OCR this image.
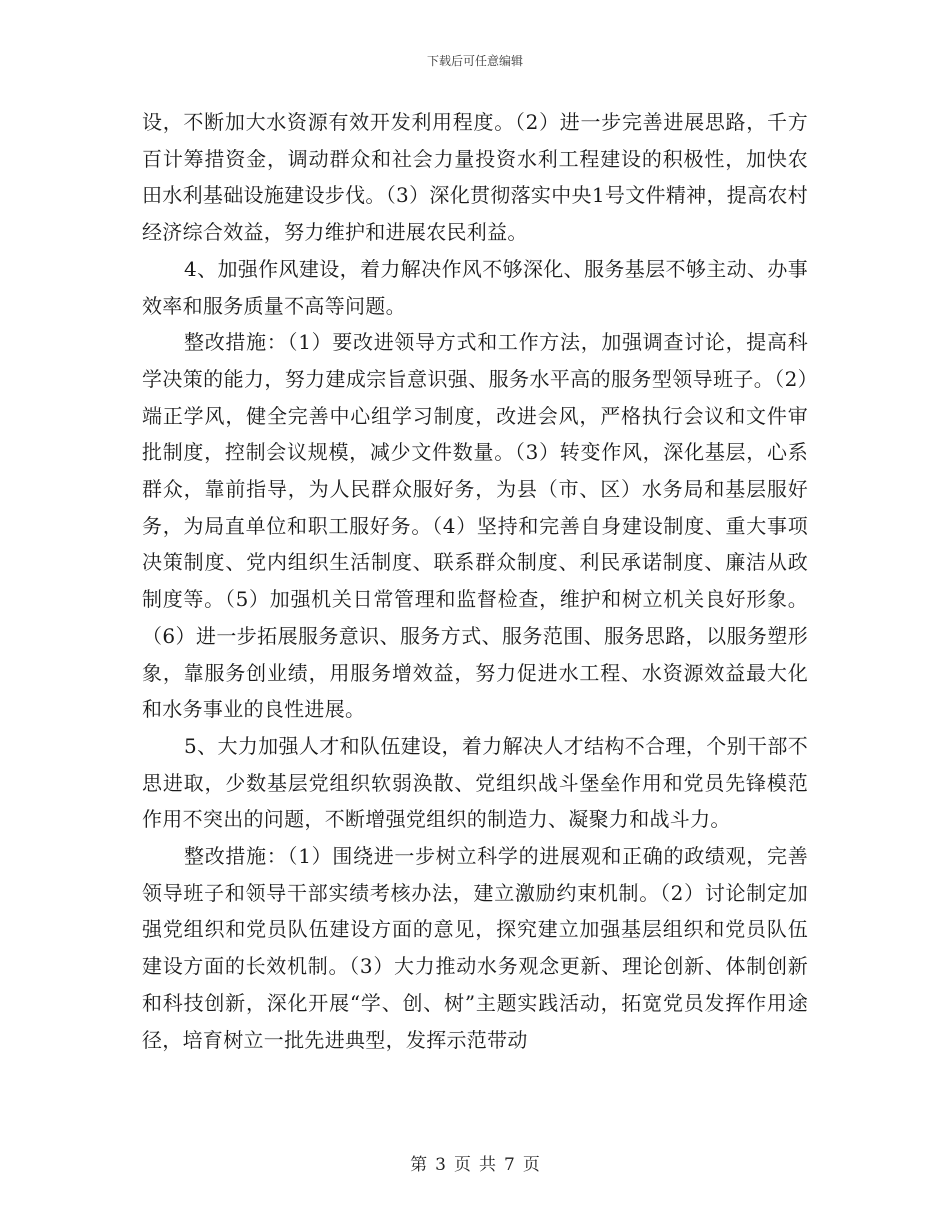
下载后可任意编辑

设，不断加大水资源有效开发利用程度。（2）进一步完善进展思路，千方百计筹措资金，调动群众和社会力量投资水利工程建设的积极性，加快农田水利基础设施建设步伐。（3）深化贯彻落实中央1号文件精神，提高农村经济综合效益，努力维护和进展农民利益。

4、加强作风建设，着力解决作风不够深化、服务基层不够主动、办事效率和服务质量不高等问题。

整改措施：（1）要改进领导方式和工作方法，加强调查讨论，提高科学决策的能力，努力建成宗旨意识强、服务水平高的服务型领导班子。（2）端正学风，健全完善中心组学习制度，改进会风，严格执行会议和文件审批制度，控制会议规模，减少文件数量。（3）转变作风，深化基层，心系群众，靠前指导，为人民群众服好务，为县（市、区）水务局和基层服好务，为局直单位和职工服好务。（4）坚持和完善自身建设制度、重大事项决策制度、党内组织生活制度、联系群众制度、利民承诺制度、廉洁从政制度等。（5）加强机关日常管理和监督检查，维护和树立机关良好形象。（6）进一步拓展服务意识、服务方式、服务范围、服务思路，以服务塑形象，靠服务创业绩，用服务增效益，努力促进水工程、水资源效益最大化和水务事业的良性进展。

5、大力加强人才和队伍建设，着力解决人才结构不合理，个别干部不思进取，少数基层党组织软弱涣散、党组织战斗堡垒作用和党员先锋模范作用不突出的问题，不断增强党组织的制造力、凝聚力和战斗力。

整改措施：（1）围绕进一步树立科学的进展观和正确的政绩观，完善领导班子和领导干部实绩考核办法，建立激励约束机制。（2）讨论制定加强党组织和党员队伍建设方面的意见，探究建立加强基层组织和党员队伍建设方面的长效机制。（3）大力推动水务观念更新、理论创新、体制创新和科技创新，深化开展“学、创、树”主题实践活动，拓宽党员发挥作用途径，培育树立一批先进典型，发挥示范带动

第 3 页 共 7 页
